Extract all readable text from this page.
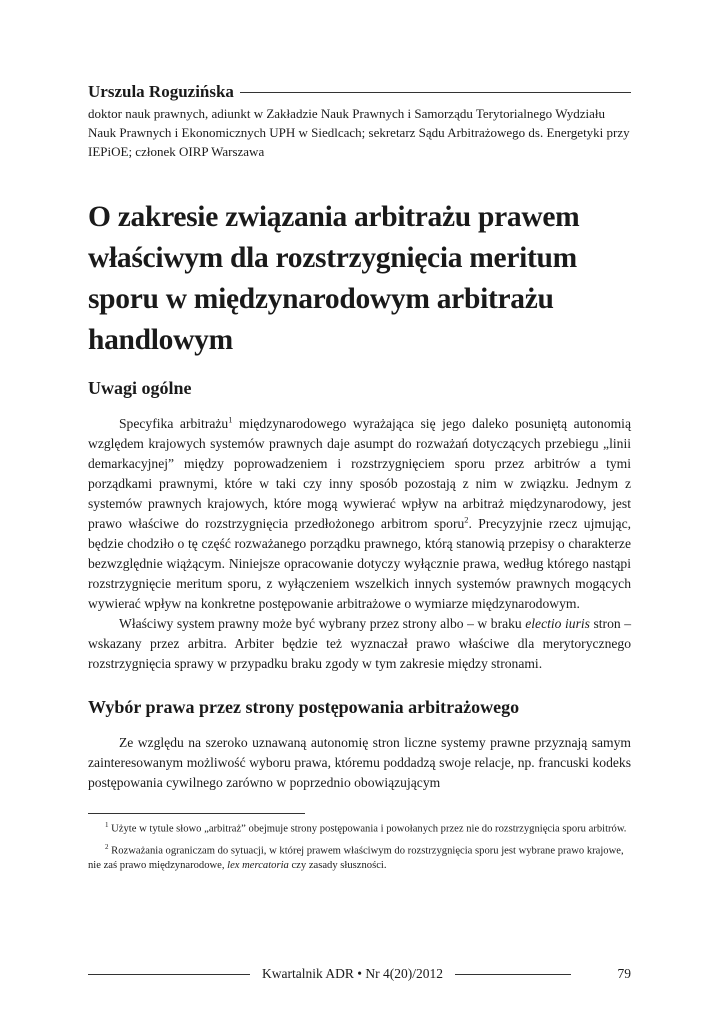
Urszula Roguzińska
doktor nauk prawnych, adiunkt w Zakładzie Nauk Prawnych i Samorządu Terytorialnego Wydziału Nauk Prawnych i Ekonomicznych UPH w Siedlcach; sekretarz Sądu Arbitrażowego ds. Energetyki przy IEPiOE; członek OIRP Warszawa
O zakresie związania arbitrażu prawem właściwym dla rozstrzygnięcia meritum sporu w międzynarodowym arbitrażu handlowym
Uwagi ogólne

Specyfika arbitrażu$^1$ międzynarodowego wyrażająca się jego daleko posuniętą autonomią względem krajowych systemów prawnych daje asumpt do rozważań dotyczących przebiegu „linii demarkacyjnej” między poprowadzeniem i rozstrzygnięciem sporu przez arbitrów a tymi porządkami prawnymi, które w taki czy inny sposób pozostają z nim w związku. Jednym z systemów prawnych krajowych, które mogą wywierać wpływ na arbitraż międzynarodowy, jest prawo właściwe do rozstrzygnięcia przedłożonego arbitrom sporu$^2$. Precyzyjnie rzecz ujmując, będzie chodziło o tę część rozważanego porządku prawnego, którą stanowią przepisy o charakterze bezwzględnie wiążącym. Niniejsze opracowanie dotyczy wyłącznie prawa, według którego nastąpi rozstrzygnięcie meritum sporu, z wyłączeniem wszelkich innych systemów prawnych mogących wywierać wpływ na konkretne postępowanie arbitrażowe o wymiarze międzynarodowym.

Właściwy system prawny może być wybrany przez strony albo – w braku electio iuris stron – wskazany przez arbitra. Arbiter będzie też wyznaczał prawo właściwe dla merytorycznego rozstrzygnięcia sprawy w przypadku braku zgody w tym zakresie między stronami.

Wybór prawa przez strony postępowania arbitrażowego

Ze względu na szeroko uznawaną autonomię stron liczne systemy prawne przyznają samym zainteresowanym możliwość wyboru prawa, któremu poddadzą swoje relacje, np. francuski kodeks postępowania cywilnego zarówno w poprzednio obowiązującym

$^1$ Użyte w tytule słowo „arbitraż” obejmuje strony postępowania i powołanych przez nie do rozstrzygnięcia sporu arbitrów.
$^2$ Rozważania ograniczam do sytuacji, w której prawem właściwym do rozstrzygnięcia sporu jest wybrane prawo krajowe, nie zaś prawo międzynarodowe, lex mercatoria czy zasady słuszności.
Kwartalnik ADR • Nr 4(20)/2012	79
